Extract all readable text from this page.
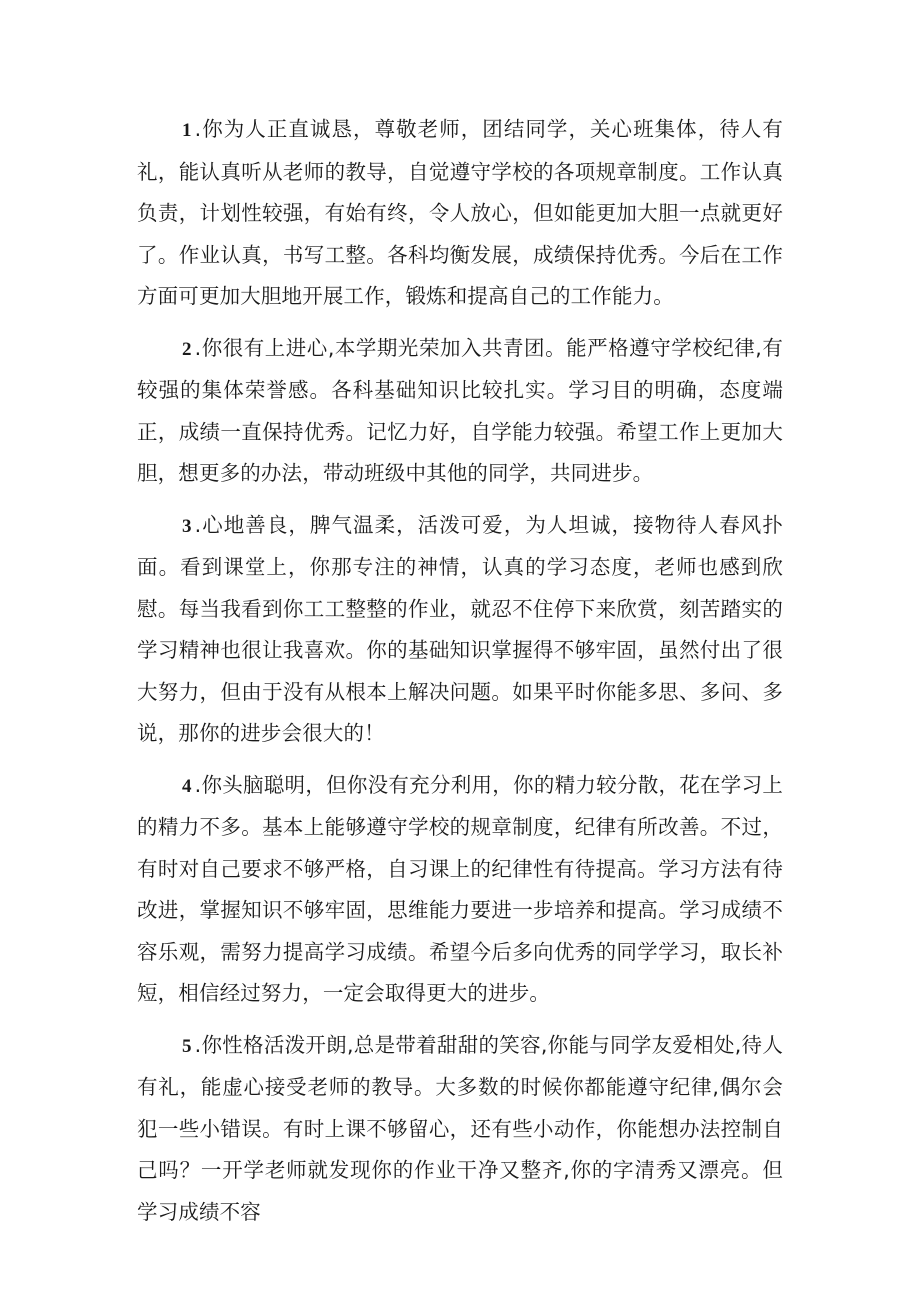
1 .你为人正直诚恳，尊敬老师，团结同学，关心班集体，待人有礼，能认真听从老师的教导，自觉遵守学校的各项规章制度。工作认真负责，计划性较强，有始有终，令人放心，但如能更加大胆一点就更好了。作业认真，书写工整。各科均衡发展，成绩保持优秀。今后在工作方面可更加大胆地开展工作，锻炼和提高自己的工作能力。

2 .你很有上进心,本学期光荣加入共青团。能严格遵守学校纪律,有较强的集体荣誉感。各科基础知识比较扎实。学习目的明确，态度端正，成绩一直保持优秀。记忆力好，自学能力较强。希望工作上更加大胆，想更多的办法，带动班级中其他的同学，共同进步。

3 .心地善良，脾气温柔，活泼可爱，为人坦诚，接物待人春风扑面。看到课堂上，你那专注的神情，认真的学习态度，老师也感到欣慰。每当我看到你工工整整的作业，就忍不住停下来欣赏，刻苦踏实的学习精神也很让我喜欢。你的基础知识掌握得不够牢固，虽然付出了很大努力，但由于没有从根本上解决问题。如果平时你能多思、多问、多说，那你的进步会很大的！

4 .你头脑聪明，但你没有充分利用，你的精力较分散，花在学习上的精力不多。基本上能够遵守学校的规章制度，纪律有所改善。不过，有时对自己要求不够严格，自习课上的纪律性有待提高。学习方法有待改进，掌握知识不够牢固，思维能力要进一步培养和提高。学习成绩不容乐观，需努力提高学习成绩。希望今后多向优秀的同学学习，取长补短，相信经过努力，一定会取得更大的进步。

5 .你性格活泼开朗,总是带着甜甜的笑容,你能与同学友爱相处,待人有礼，能虚心接受老师的教导。大多数的时候你都能遵守纪律,偶尔会犯一些小错误。有时上课不够留心，还有些小动作，你能想办法控制自己吗？一开学老师就发现你的作业干净又整齐,你的字清秀又漂亮。但学习成绩不容
